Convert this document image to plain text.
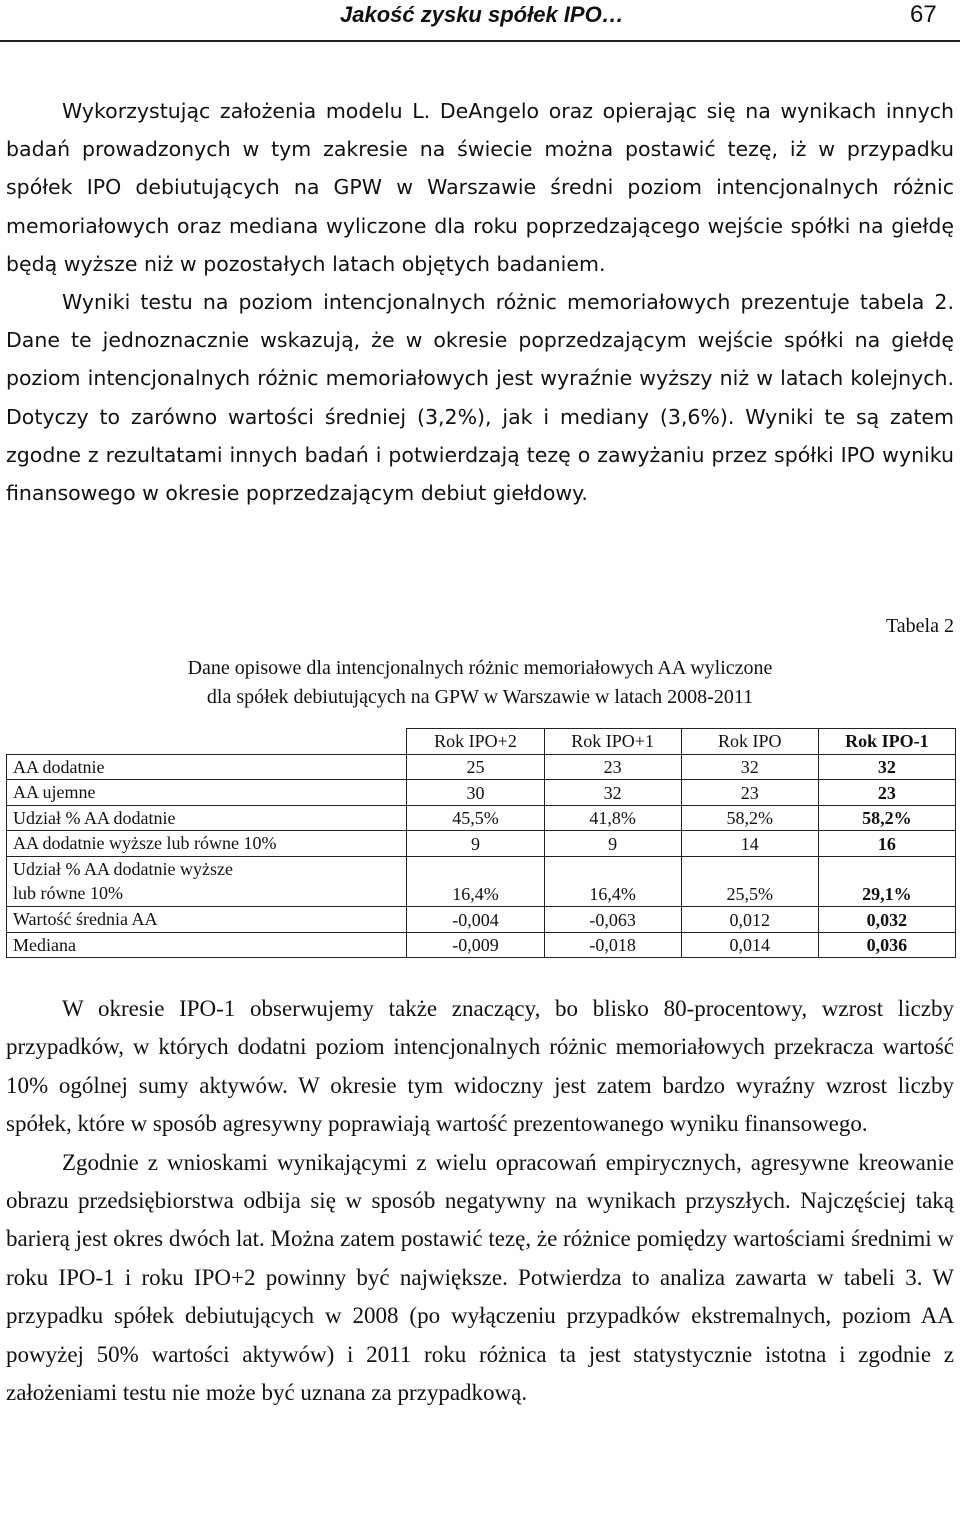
Jakość zysku spółek IPO…	67

Wykorzystując założenia modelu L. DeAngelo oraz opierając się na wynikach innych badań prowadzonych w tym zakresie na świecie można postawić tezę, iż w przypadku spółek IPO debiutujących na GPW w Warszawie średni poziom intencjonalnych różnic memoriałowych oraz mediana wyliczone dla roku poprzedzającego wejście spółki na giełdę będą wyższe niż w pozostałych latach objętych badaniem.

Wyniki testu na poziom intencjonalnych różnic memoriałowych prezentuje tabela 2. Dane te jednoznacznie wskazują, że w okresie poprzedzającym wejście spółki na giełdę poziom intencjonalnych różnic memoriałowych jest wyraźnie wyższy niż w latach kolejnych. Dotyczy to zarówno wartości średniej (3,2%), jak i mediany (3,6%). Wyniki te są zatem zgodne z rezultatami innych badań i potwierdzają tezę o zawyżaniu przez spółki IPO wyniku finansowego w okresie poprzedzającym debiut giełdowy.

Tabela 2
Dane opisowe dla intencjonalnych różnic memoriałowych AA wyliczone
dla spółek debiutujących na GPW w Warszawie w latach 2008-2011
	Rok IPO+2	Rok IPO+1	Rok IPO	Rok IPO-1
AA dodatnie	25	23	32	32
AA ujemne	30	32	23	23
Udział % AA dodatnie	45,5%	41,8%	58,2%	58,2%
AA dodatnie wyższe lub równe 10%	9	9	14	16

Udział % AA dodatnie wyższe
lub równe 10%	16,4%	16,4%	25,5%	29,1%
Wartość średnia AA	-0,004	-0,063	0,012	0,032
Mediana	-0,009	-0,018	0,014	0,036

W okresie IPO-1 obserwujemy także znaczący, bo blisko 80-procentowy, wzrost liczby przypadków, w których dodatni poziom intencjonalnych różnic memoriałowych przekracza wartość 10% ogólnej sumy aktywów. W okresie tym widoczny jest zatem bardzo wyraźny wzrost liczby spółek, które w sposób agresywny poprawiają wartość prezentowanego wyniku finansowego.

Zgodnie z wnioskami wynikającymi z wielu opracowań empirycznych, agresywne kreowanie obrazu przedsiębiorstwa odbija się w sposób negatywny na wynikach przyszłych. Najczęściej taką barierą jest okres dwóch lat. Można zatem postawić tezę, że różnice pomiędzy wartościami średnimi w roku IPO-1 i roku IPO+2 powinny być największe. Potwierdza to analiza zawarta w tabeli 3. W przypadku spółek debiutujących w 2008 (po wyłączeniu przypadków ekstremalnych, poziom AA powyżej 50% wartości aktywów) i 2011 roku różnica ta jest statystycznie istotna i zgodnie z założeniami testu nie może być uznana za przypadkową.
